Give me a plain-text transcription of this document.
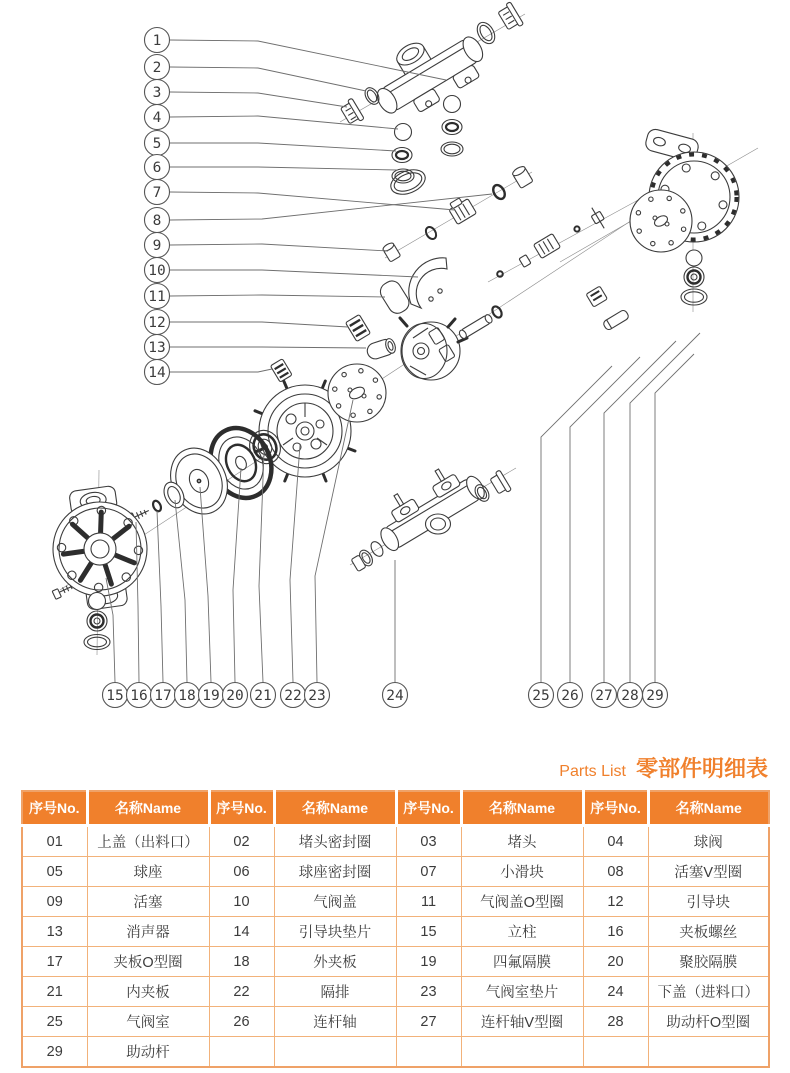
1
2
3
4
5
6
7
8
9
10
11
12
13
14
15 16 17 18 19 20 21 22 23	24	25 26 27 28 29
Parts List 零部件明细表
序号No.	名称Name	序号No.	名称Name	序号No.	名称Name	序号No.	名称Name
01	上盖（出料口）	02	堵头密封圈	03	堵头	04	球阀
05	球座	06	球座密封圈	07	小滑块	08	活塞V型圈
09	活塞	10	气阀盖	11	气阀盖O型圈	12	引导块
13	消声器	14	引导块垫片	15	立柱	16	夹板螺丝
17	夹板O型圈	18	外夹板	19	四氟隔膜	20	聚胶隔膜
21	内夹板	22	隔排	23	气阀室垫片	24	下盖（进料口）
25	气阀室	26	连杆轴	27	连杆轴V型圈	28	助动杆O型圈
29	助动杆						
